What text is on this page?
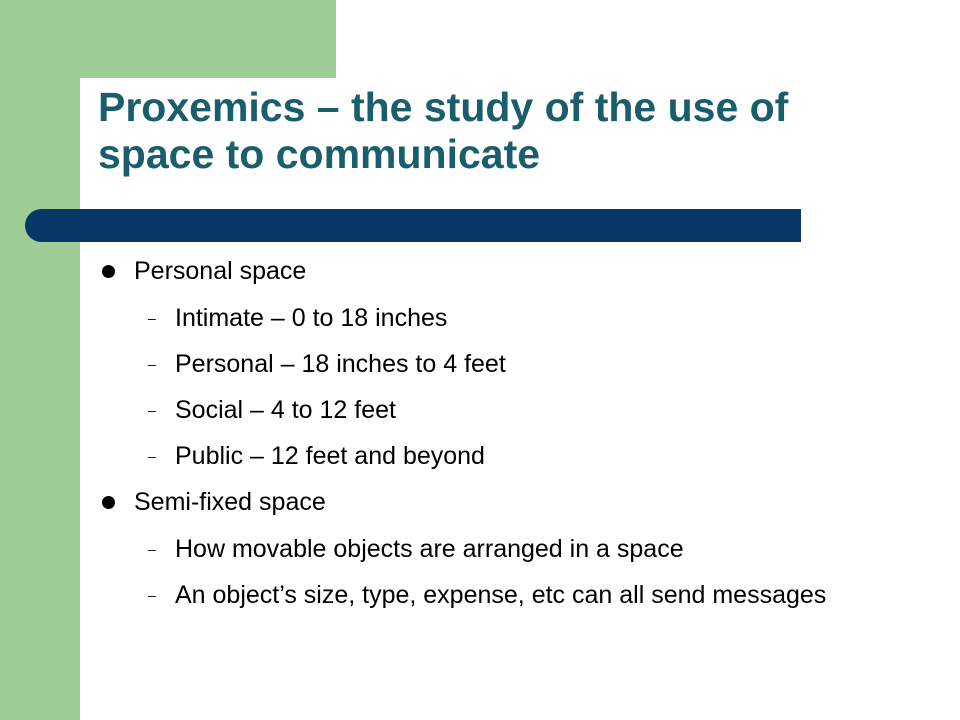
Proxemics – the study of the use of space to communicate
Personal space
– Intimate – 0 to 18 inches
– Personal – 18 inches to 4 feet
– Social – 4 to 12 feet
– Public – 12 feet and beyond
Semi-fixed space
– How movable objects are arranged in a space
– An object’s size, type, expense, etc can all send messages
